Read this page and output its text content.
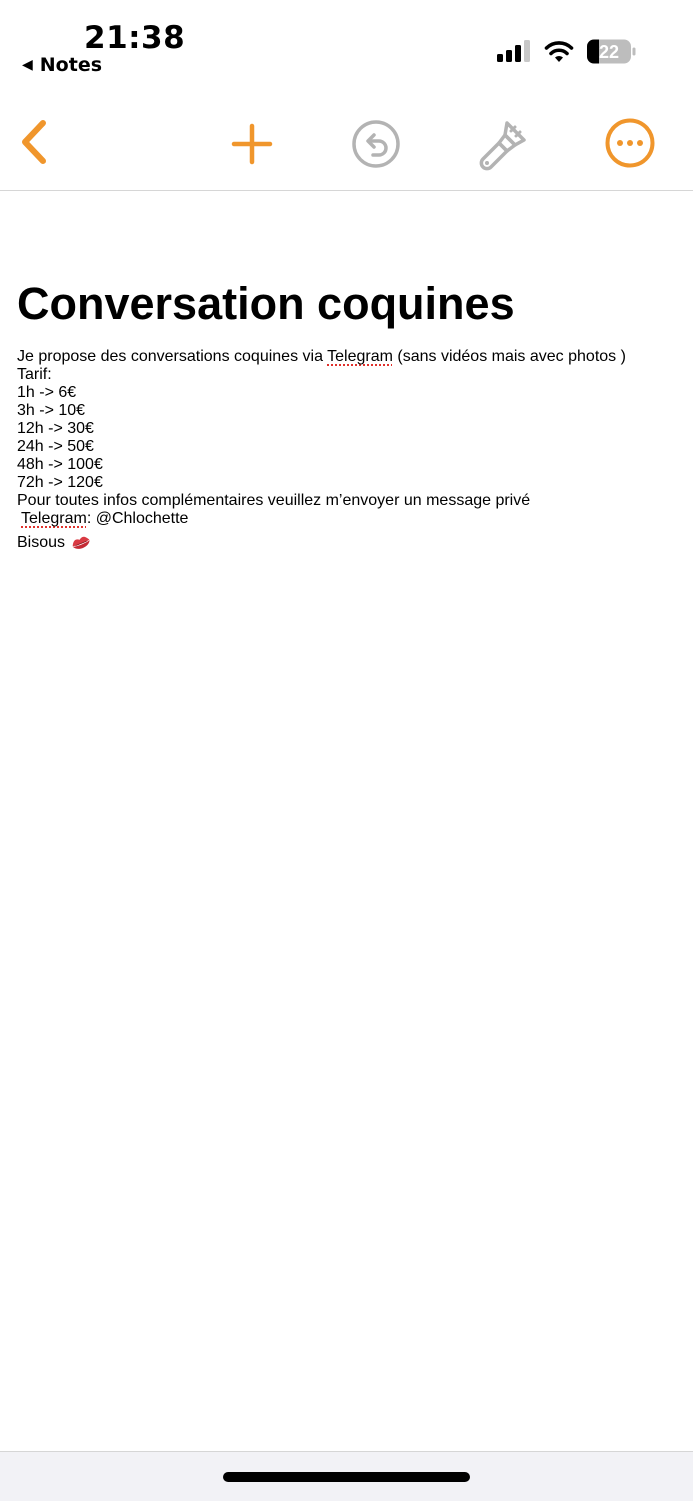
21:38
◀ Notes
22
Conversation coquines
Je propose des conversations coquines via Telegram (sans vidéos mais avec photos )
Tarif:
1h -> 6€
3h -> 10€
12h -> 30€
24h -> 50€
48h -> 100€
72h -> 120€
Pour toutes infos complémentaires veuillez m’envoyer un message privé
Telegram: @Chlochette
Bisous
